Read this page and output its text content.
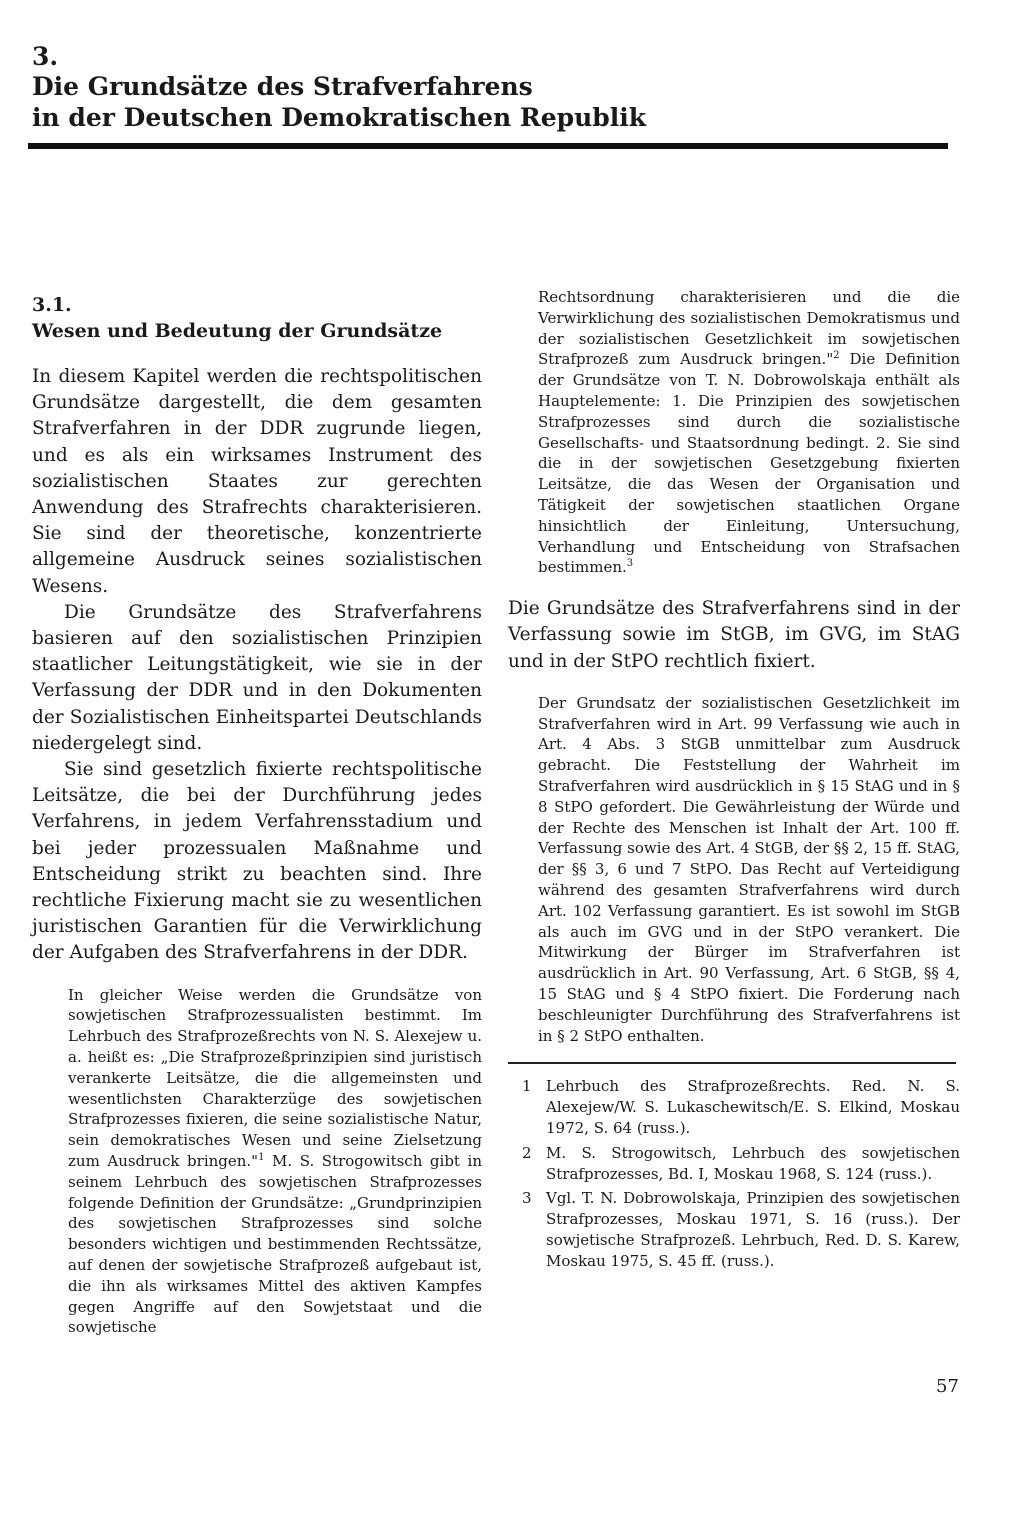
3.
Die Grundsätze des Strafverfahrens
in der Deutschen Demokratischen Republik
3.1.
Wesen und Bedeutung der Grundsätze

In diesem Kapitel werden die rechtspolitischen Grundsätze dargestellt, die dem gesamten Strafverfahren in der DDR zugrunde liegen, und es als ein wirksames Instrument des sozialistischen Staates zur gerechten Anwendung des Strafrechts charakterisieren. Sie sind der theoretische, konzentrierte allgemeine Ausdruck seines sozialistischen Wesens.

Die Grundsätze des Strafverfahrens basieren auf den sozialistischen Prinzipien staatlicher Leitungstätigkeit, wie sie in der Verfassung der DDR und in den Dokumenten der Sozialistischen Einheitspartei Deutschlands niedergelegt sind.

Sie sind gesetzlich fixierte rechtspolitische Leitsätze, die bei der Durchführung jedes Verfahrens, in jedem Verfahrensstadium und bei jeder prozessualen Maßnahme und Entscheidung strikt zu beachten sind. Ihre rechtliche Fixierung macht sie zu wesentlichen juristischen Garantien für die Verwirklichung der Aufgaben des Strafverfahrens in der DDR.

In gleicher Weise werden die Grundsätze von sowjetischen Strafprozessualisten bestimmt. Im Lehrbuch des Strafprozeßrechts von N. S. Alexejew u. a. heißt es: „Die Strafprozeßprinzipien sind juristisch verankerte Leitsätze, die die allgemeinsten und wesentlichsten Charakterzüge des sowjetischen Strafprozesses fixieren, die seine sozialistische Natur, sein demokratisches Wesen und seine Zielsetzung zum Ausdruck bringen."$^1$ M. S. Strogowitsch gibt in seinem Lehrbuch des sowjetischen Strafprozesses folgende Definition der Grundsätze: „Grundprinzipien des sowjetischen Strafprozesses sind solche besonders wichtigen und bestimmenden Rechtssätze, auf denen der sowjetische Strafprozeß aufgebaut ist, die ihn als wirksames Mittel des aktiven Kampfes gegen Angriffe auf den Sowjetstaat und die sowjetische

Rechtsordnung charakterisieren und die die Verwirklichung des sozialistischen Demokratismus und der sozialistischen Gesetzlichkeit im sowjetischen Strafprozeß zum Ausdruck bringen."$^2$ Die Definition der Grundsätze von T. N. Dobrowolskaja enthält als Hauptelemente: 1. Die Prinzipien des sowjetischen Strafprozesses sind durch die sozialistische Gesellschafts- und Staatsordnung bedingt. 2. Sie sind die in der sowjetischen Gesetzgebung fixierten Leitsätze, die das Wesen der Organisation und Tätigkeit der sowjetischen staatlichen Organe hinsichtlich der Einleitung, Untersuchung, Verhandlung und Entscheidung von Strafsachen bestimmen.$^3$

Die Grundsätze des Strafverfahrens sind in der Verfassung sowie im StGB, im GVG, im StAG und in der StPO rechtlich fixiert.

Der Grundsatz der sozialistischen Gesetzlichkeit im Strafverfahren wird in Art. 99 Verfassung wie auch in Art. 4 Abs. 3 StGB unmittelbar zum Ausdruck gebracht. Die Feststellung der Wahrheit im Strafverfahren wird ausdrücklich in § 15 StAG und in § 8 StPO gefordert. Die Gewährleistung der Würde und der Rechte des Menschen ist Inhalt der Art. 100 ff. Verfassung sowie des Art. 4 StGB, der §§ 2, 15 ff. StAG, der §§ 3, 6 und 7 StPO. Das Recht auf Verteidigung während des gesamten Strafverfahrens wird durch Art. 102 Verfassung garantiert. Es ist sowohl im StGB als auch im GVG und in der StPO verankert. Die Mitwirkung der Bürger im Strafverfahren ist ausdrücklich in Art. 90 Verfassung, Art. 6 StGB, §§ 4, 15 StAG und § 4 StPO fixiert. Die Forderung nach beschleunigter Durchführung des Strafverfahrens ist in § 2 StPO enthalten.

1 Lehrbuch des Strafprozeßrechts. Red. N. S. Alexejew/W. S. Lukaschewitsch/E. S. Elkind, Moskau 1972, S. 64 (russ.).
2 M. S. Strogowitsch, Lehrbuch des sowjetischen Strafprozesses, Bd. I, Moskau 1968, S. 124 (russ.).
3 Vgl. T. N. Dobrowolskaja, Prinzipien des sowjetischen Strafprozesses, Moskau 1971, S. 16 (russ.). Der sowjetische Strafprozeß. Lehrbuch, Red. D. S. Karew, Moskau 1975, S. 45 ff. (russ.).
57
